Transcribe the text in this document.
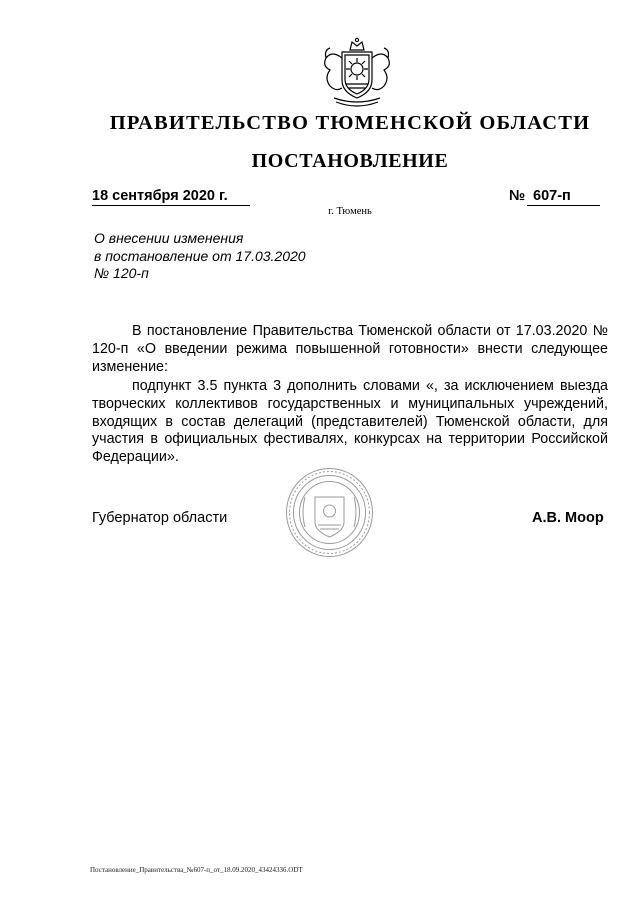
ПРАВИТЕЛЬСТВО ТЮМЕНСКОЙ ОБЛАСТИ
ПОСТАНОВЛЕНИЕ
18 сентября 2020 г.	№ 607-п
г. Тюмень
О внесении изменения
в постановление от 17.03.2020
№ 120-п
В постановление Правительства Тюменской области от 17.03.2020 № 120-п «О введении режима повышенной готовности» внести следующее изменение:
подпункт 3.5 пункта 3 дополнить словами «, за исключением выезда творческих коллективов государственных и муниципальных учреждений, входящих в состав делегаций (представителей) Тюменской области, для участия в официальных фестивалях, конкурсах на территории Российской Федерации».
Губернатор области	А.В. Моор
Постановление_Правительства_№607-п_от_18.09.2020_43424336.ODT
